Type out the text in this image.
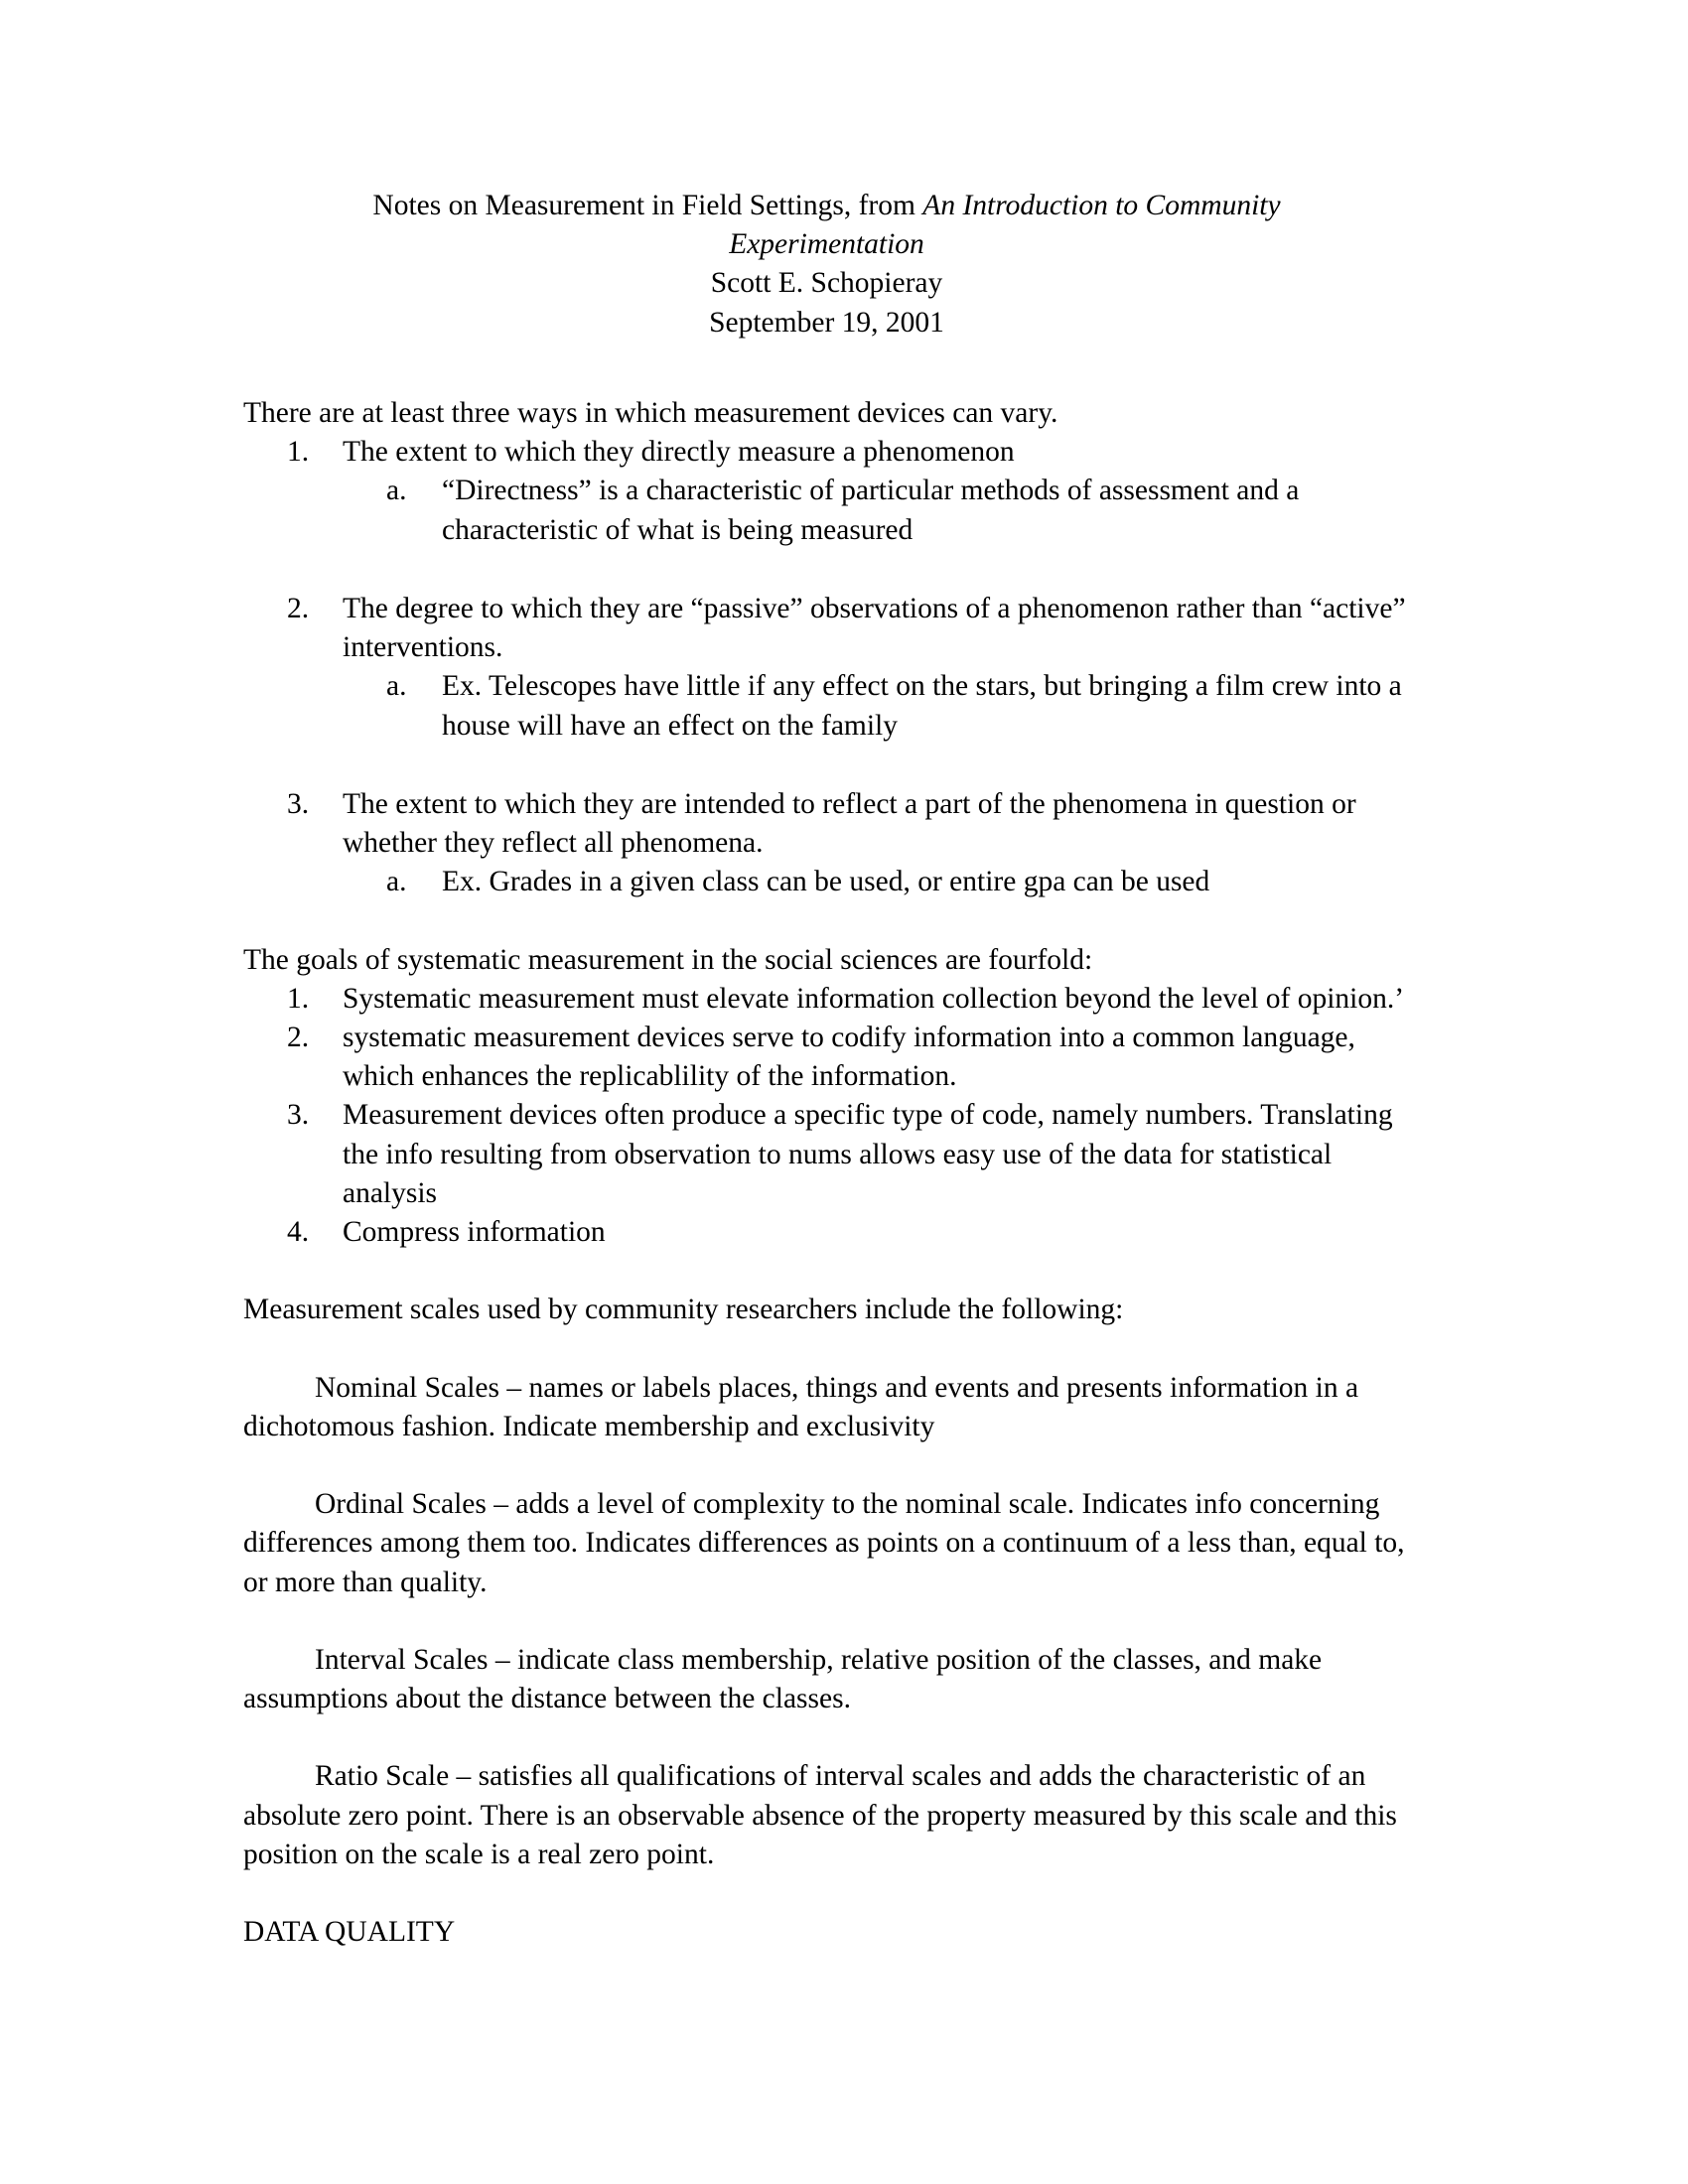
Notes on Measurement in Field Settings, from An Introduction to Community
Experimentation
Scott E. Schopieray
September 19, 2001

There are at least three ways in which measurement devices can vary.

1.	The extent to which they directly measure a phenomenon
a.	“Directness” is a characteristic of particular methods of assessment and a characteristic of what is being measured
2.	The degree to which they are “passive” observations of a phenomenon rather than “active” interventions.
a.	Ex. Telescopes have little if any effect on the stars, but bringing a film crew into a house will have an effect on the family
3.	The extent to which they are intended to reflect a part of the phenomena in question or whether they reflect all phenomena.
a.	Ex. Grades in a given class can be used, or entire gpa can be used

The goals of systematic measurement in the social sciences are fourfold:

1.	Systematic measurement must elevate information collection beyond the level of opinion.’
2.	systematic measurement devices serve to codify information into a common language, which enhances the replicablility of the information.
3.	Measurement devices often produce a specific type of code, namely numbers. Translating the info resulting from observation to nums allows easy use of the data for statistical analysis
4.	Compress information

Measurement scales used by community researchers include the following:

Nominal Scales – names or labels places, things and events and presents information in a dichotomous fashion. Indicate membership and exclusivity

Ordinal Scales – adds a level of complexity to the nominal scale. Indicates info concerning differences among them too. Indicates differences as points on a continuum of a less than, equal to, or more than quality.

Interval Scales – indicate class membership, relative position of the classes, and make assumptions about the distance between the classes.

Ratio Scale – satisfies all qualifications of interval scales and adds the characteristic of an absolute zero point. There is an observable absence of the property measured by this scale and this position on the scale is a real zero point.

DATA QUALITY
